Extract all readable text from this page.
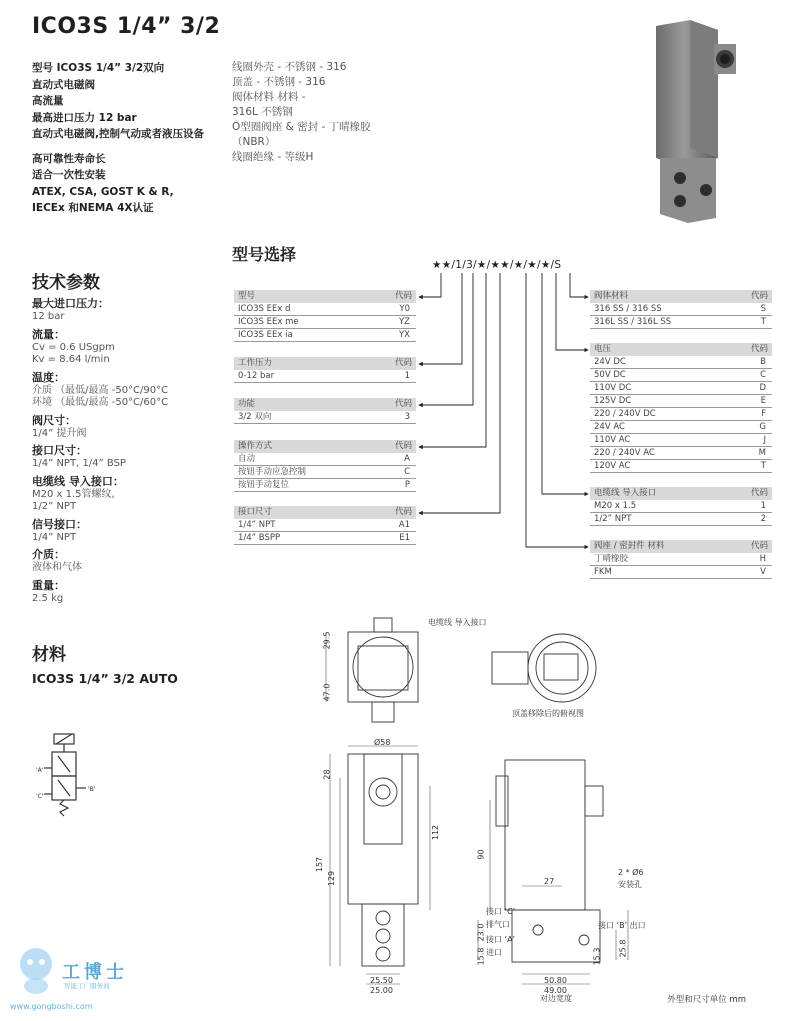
ICO3S 1/4” 3/2
型号 ICO3S 1/4” 3/2双向
直动式电磁阀
高流量
最高进口压力 12 bar
直动式电磁阀,控制气动或者液压设备
高可靠性寿命长
适合一次性安装
ATEX, CSA, GOST K & R,
IECEx 和NEMA 4X认证
线圈外壳 - 不锈钢 - 316
顶盖 - 不锈钢 - 316
阀体材料 材料 -
316L 不锈钢
O型圈阀座 & 密封 - 丁晴橡胶
（NBR）
线圈绝缘 - 等级H
技术参数
最大进口压力：
12 bar
流量：
Cv = 0.6 USgpm
Kv = 8.64 l/min
温度：
介质 （最低/最高 -50°C/90°C
环境 （最低/最高 -50°C/60°C
阀尺寸：
1/4” 提升阀
接口尺寸：
1/4” NPT, 1/4” BSP
电缆线 导入接口：
M20 x 1.5管螺纹,
1/2” NPT
信号接口：
1/4” NPT
介质：
液体和气体
重量：
2.5 kg
材料
ICO3S 1/4” 3/2 AUTO
'A'
'C'
'B'
型号选择
★★/1/3/★/★★/★/★/★/S
型号	代码
ICO3S EEx d	Y0
ICO3S EEx me	YZ
ICO3S EEx ia	YX
工作压力	代码
0-12 bar	1
功能	代码
3/2 双向	3
操作方式	代码
自动	A
按钮手动应急控制	C
按钮手动复位	P
接口尺寸	代码
1/4” NPT	A1
1/4” BSPP	E1
阀体材料	代码
316 SS / 316 SS	S
316L SS / 316L SS	T
电压	代码
24V DC	B
50V DC	C
110V DC	D
125V DC	E
220 / 240V DC	F
24V AC	G
110V AC	J
220 / 240V AC	M
120V AC	T
电缆线 导入接口	代码
M20 x 1.5	1
1/2” NPT	2
阀座 / 密封件 材料	代码
丁晴橡胶	H
FKM	V
电缆线 导入接口
顶盖移除后的俯视图
2 * Ø6
安装孔
接口 ‘C’
排气口
接口 ‘A’
进口
接口 ‘B’ 出口
对边宽度
Ø58
29.5
47.0
28
157
129
112
90
27
23.0
15.8	15.3 25.8
50.80
49.00
25.50
25.00
外型和尺寸单位 mm
工博士
智能工厂服务商
www.gongboshi.com
